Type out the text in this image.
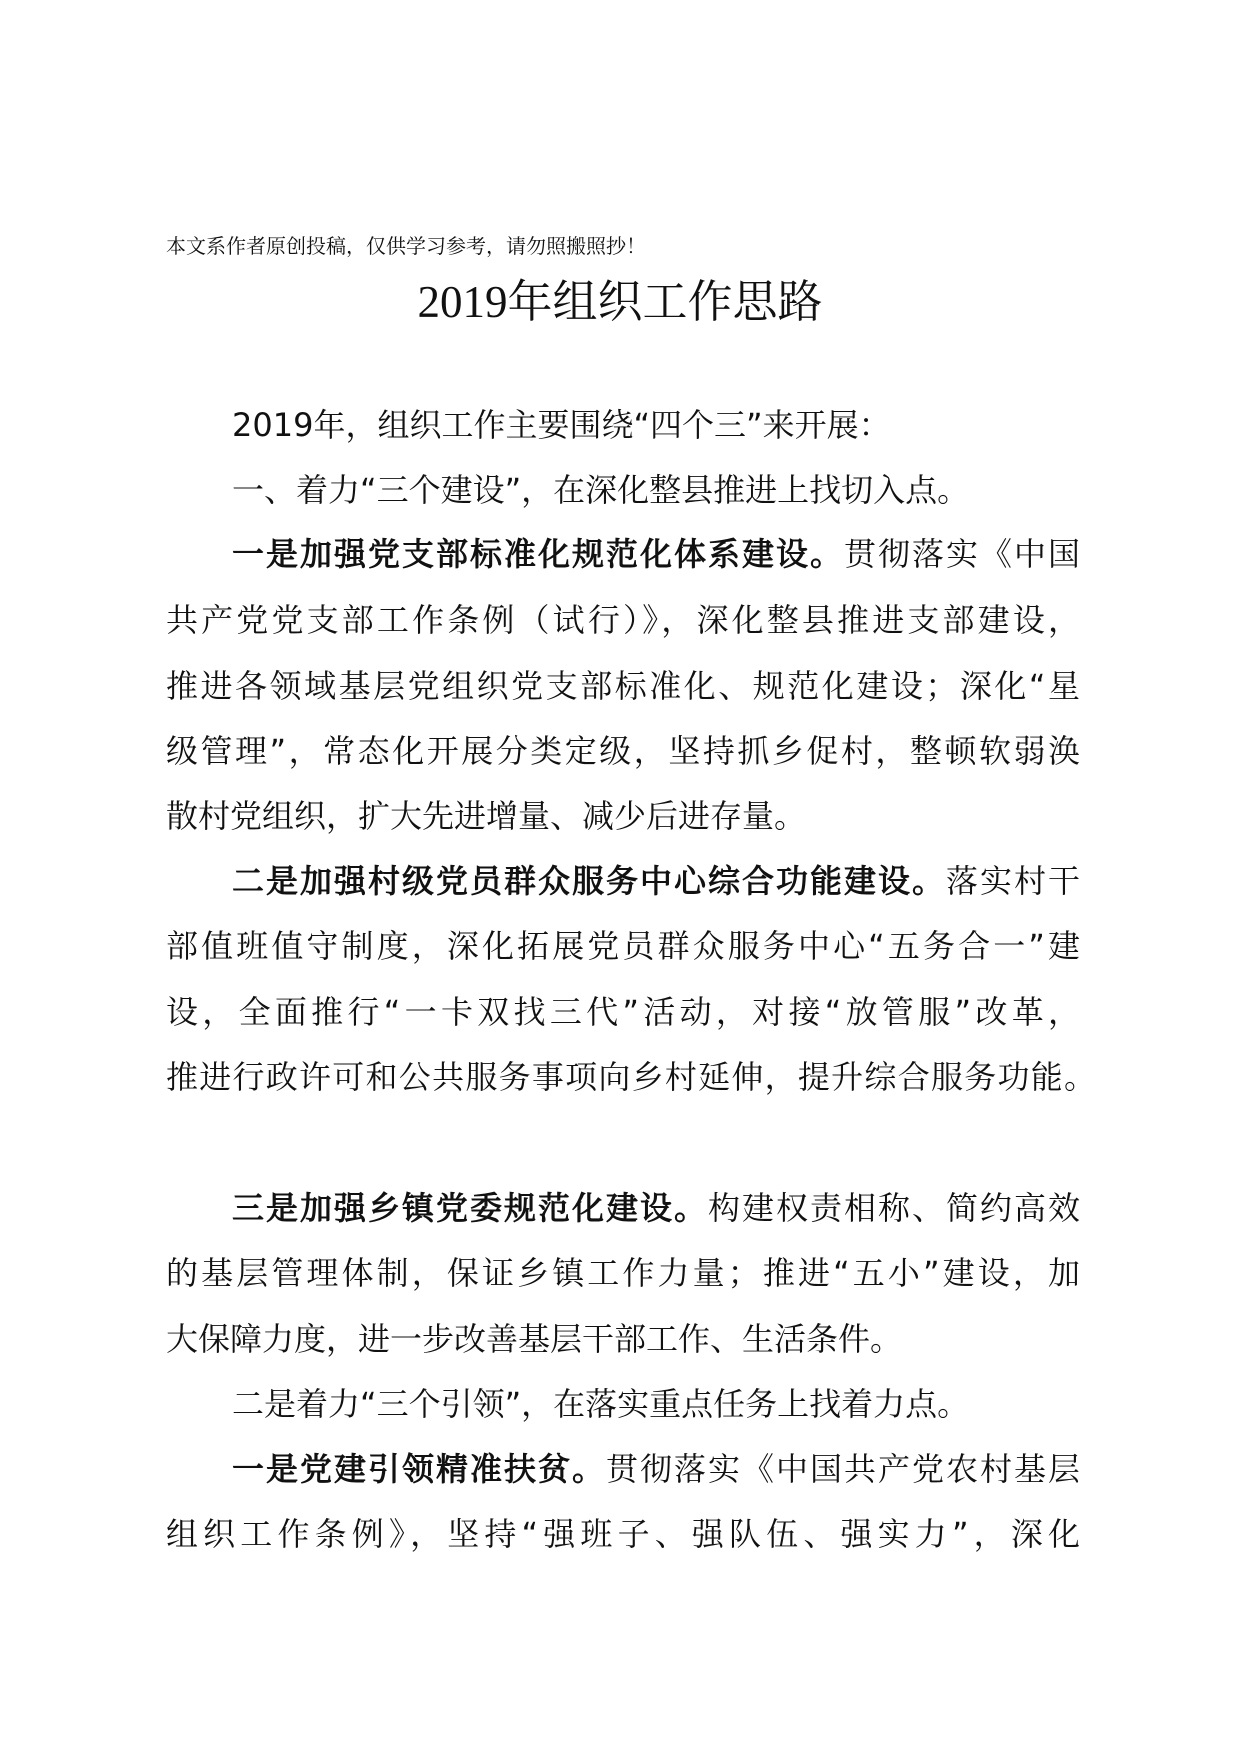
本文系作者原创投稿，仅供学习参考，请勿照搬照抄！
2019年组织工作思路
2019年，组织工作主要围绕“四个三”来开展：
一、着力“三个建设”，在深化整县推进上找切入点。
一是加强党支部标准化规范化体系建设。贯彻落实《中国
共产党党支部工作条例（试行）》，深化整县推进支部建设，
推进各领域基层党组织党支部标准化、规范化建设；深化“星
级管理”，常态化开展分类定级，坚持抓乡促村，整顿软弱涣
散村党组织，扩大先进增量、减少后进存量。
二是加强村级党员群众服务中心综合功能建设。落实村干
部值班值守制度，深化拓展党员群众服务中心“五务合一”建
设，全面推行“一卡双找三代”活动，对接“放管服”改革，
推进行政许可和公共服务事项向乡村延伸，提升综合服务功能。
三是加强乡镇党委规范化建设。构建权责相称、简约高效
的基层管理体制，保证乡镇工作力量；推进“五小”建设，加
大保障力度，进一步改善基层干部工作、生活条件。
二是着力“三个引领”，在落实重点任务上找着力点。
一是党建引领精准扶贫。贯彻落实《中国共产党农村基层
组织工作条例》，坚持“强班子、强队伍、强实力”，深化
